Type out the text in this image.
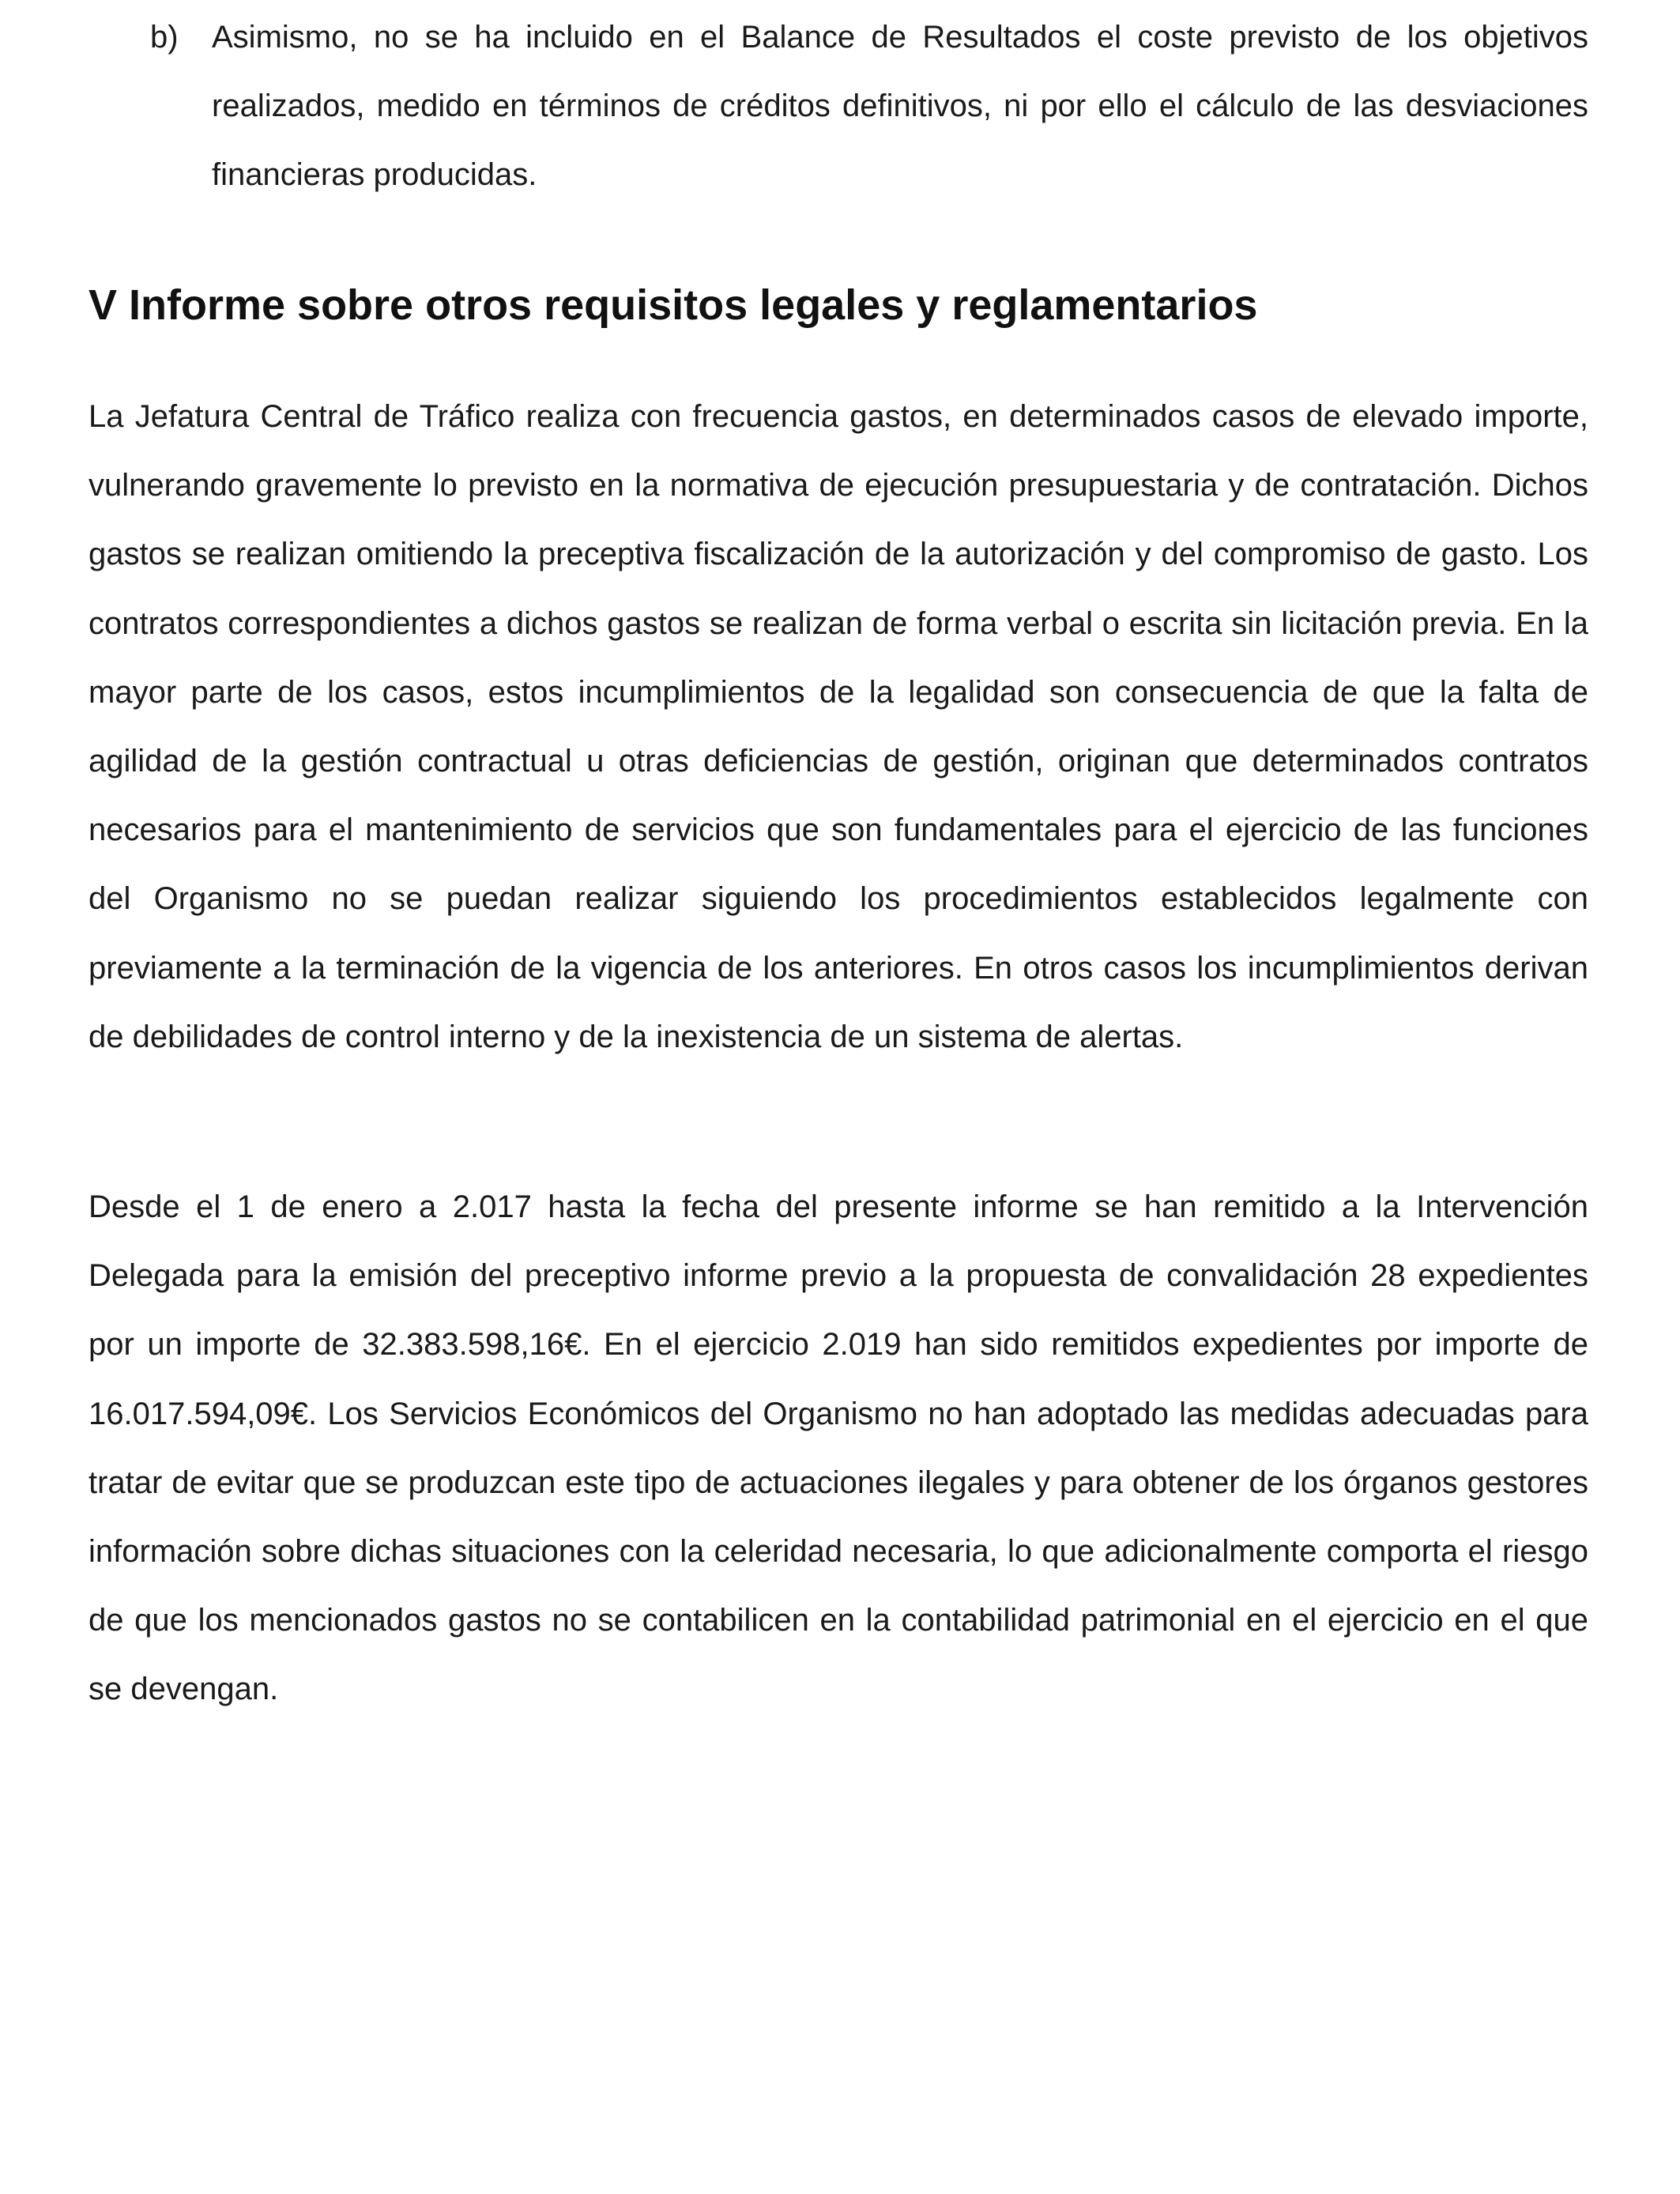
b) Asimismo, no se ha incluido en el Balance de Resultados el coste previsto de los objetivos realizados, medido en términos de créditos definitivos, ni por ello el cálculo de las desviaciones financieras producidas.
V Informe sobre otros requisitos legales y reglamentarios

La Jefatura Central de Tráfico realiza con frecuencia gastos, en determinados casos de elevado importe, vulnerando gravemente lo previsto en la normativa de ejecución presupuestaria y de contratación. Dichos gastos se realizan omitiendo la preceptiva fiscalización de la autorización y del compromiso de gasto. Los contratos correspondientes a dichos gastos se realizan de forma verbal o escrita sin licitación previa. En la mayor parte de los casos, estos incumplimientos de la legalidad son consecuencia de que la falta de agilidad de la gestión contractual u otras deficiencias de gestión, originan que determinados contratos necesarios para el mantenimiento de servicios que son fundamentales para el ejercicio de las funciones del Organismo no se puedan realizar siguiendo los procedimientos establecidos legalmente con previamente a la terminación de la vigencia de los anteriores. En otros casos los incumplimientos derivan de debilidades de control interno y de la inexistencia de un sistema de alertas.

Desde el 1 de enero a 2.017 hasta la fecha del presente informe se han remitido a la Intervención Delegada para la emisión del preceptivo informe previo a la propuesta de convalidación 28 expedientes por un importe de 32.383.598,16€. En el ejercicio 2.019 han sido remitidos expedientes por importe de 16.017.594,09€. Los Servicios Económicos del Organismo no han adoptado las medidas adecuadas para tratar de evitar que se produzcan este tipo de actuaciones ilegales y para obtener de los órganos gestores información sobre dichas situaciones con la celeridad necesaria, lo que adicionalmente comporta el riesgo de que los mencionados gastos no se contabilicen en la contabilidad patrimonial en el ejercicio en el que se devengan.
